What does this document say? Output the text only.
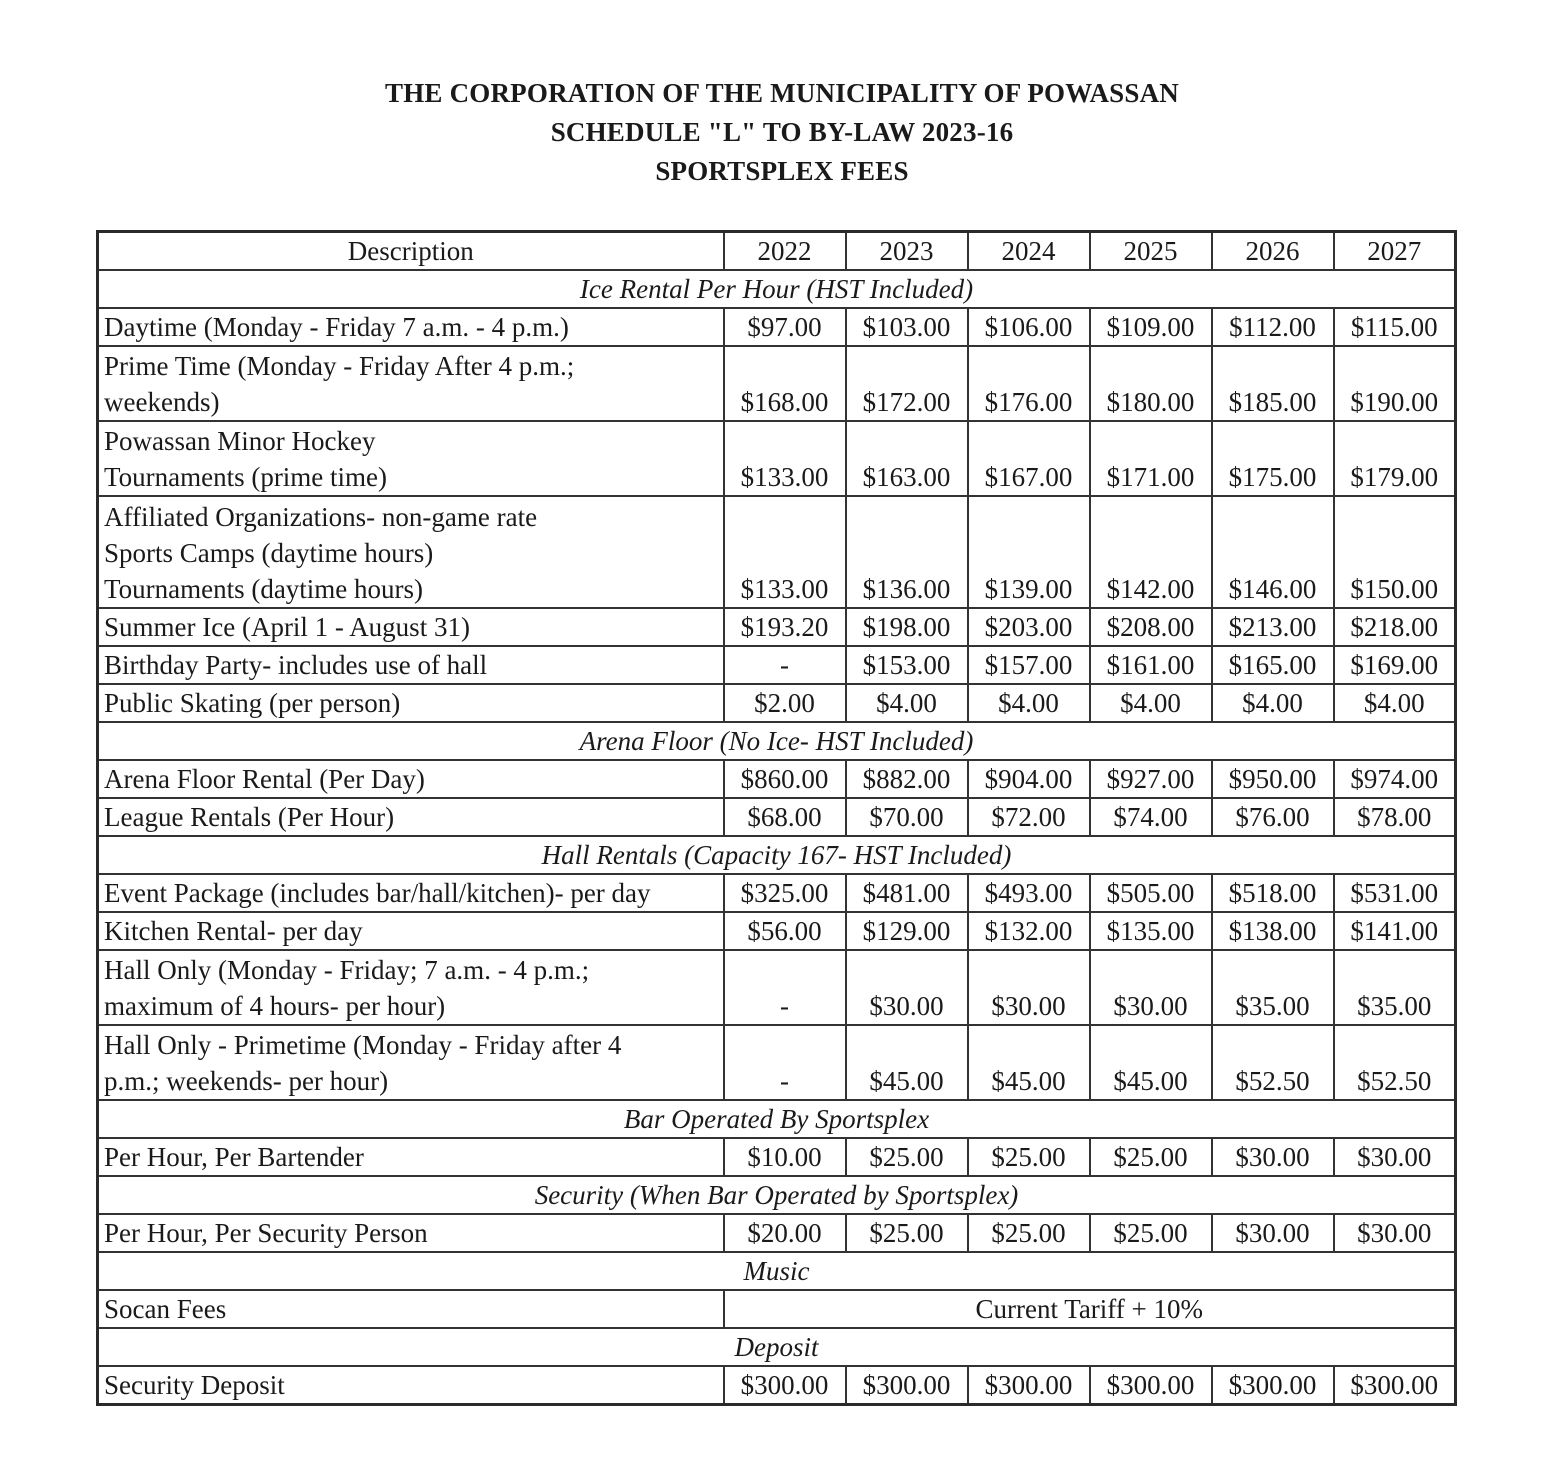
THE CORPORATION OF THE MUNICIPALITY OF POWASSAN
SCHEDULE "L" TO BY-LAW 2023-16
SPORTSPLEX FEES
Description	2022	2023	2024	2025	2026	2027
Ice Rental Per Hour (HST Included)						

Daytime (Monday - Friday 7 a.m. - 4 p.m.)	$97.00	$103.00	$106.00	$109.00	$112.00	$115.00

Prime Time (Monday - Friday After 4 p.m.;
weekends)	$168.00	$172.00	$176.00	$180.00	$185.00	$190.00

Powassan Minor Hockey
Tournaments (prime time)	$133.00	$163.00	$167.00	$171.00	$175.00	$179.00

Affiliated Organizations- non-game rate
Sports Camps (daytime hours)
Tournaments (daytime hours)	$133.00	$136.00	$139.00	$142.00	$146.00	$150.00

Summer Ice (April 1 - August 31)	$193.20	$198.00	$203.00	$208.00	$213.00	$218.00

Birthday Party- includes use of hall	-	$153.00	$157.00	$161.00	$165.00	$169.00

Public Skating (per person)	$2.00	$4.00	$4.00	$4.00	$4.00	$4.00
Arena Floor (No Ice- HST Included)						

Arena Floor Rental (Per Day)	$860.00	$882.00	$904.00	$927.00	$950.00	$974.00

League Rentals (Per Hour)	$68.00	$70.00	$72.00	$74.00	$76.00	$78.00
Hall Rentals (Capacity 167- HST Included)						

Event Package (includes bar/hall/kitchen)- per day	$325.00	$481.00	$493.00	$505.00	$518.00	$531.00

Kitchen Rental- per day	$56.00	$129.00	$132.00	$135.00	$138.00	$141.00

Hall Only (Monday - Friday; 7 a.m. - 4 p.m.;
maximum of 4 hours- per hour)	-	$30.00	$30.00	$30.00	$35.00	$35.00

Hall Only - Primetime (Monday - Friday after 4
p.m.; weekends- per hour)	-	$45.00	$45.00	$45.00	$52.50	$52.50
Bar Operated By Sportsplex						

Per Hour, Per Bartender	$10.00	$25.00	$25.00	$25.00	$30.00	$30.00
Security (When Bar Operated by Sportsplex)						

Per Hour, Per Security Person	$20.00	$25.00	$25.00	$25.00	$30.00	$30.00
Music						

Socan Fees	Current Tariff + 10%					
Deposit						

Security Deposit	$300.00	$300.00	$300.00	$300.00	$300.00	$300.00
